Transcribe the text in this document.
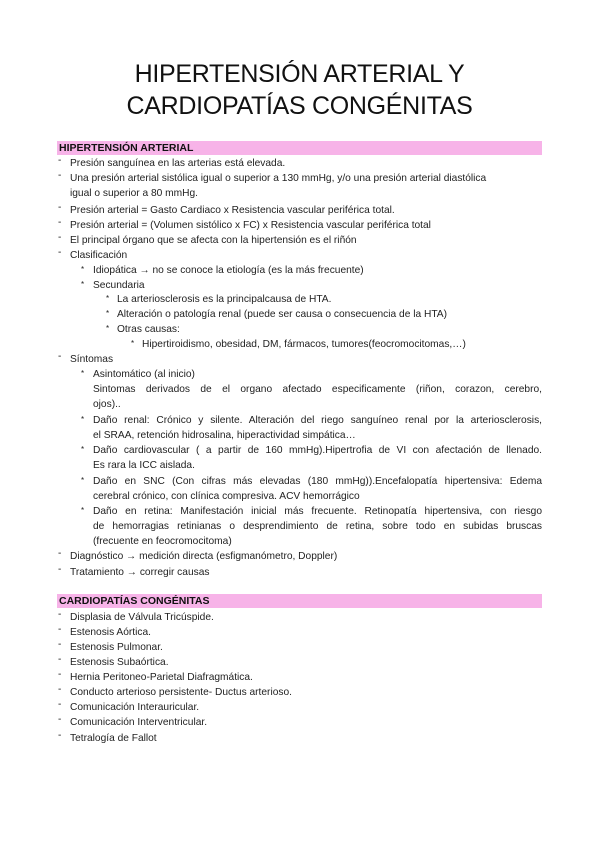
HIPERTENSIÓN ARTERIAL Y
CARDIOPATÍAS CONGÉNITAS
HIPERTENSIÓN ARTERIAL
- Presión sanguínea en las arterias está elevada.
- Una presión arterial sistólica igual o superior a 130 mmHg, y/o una presión arterial diastólica
igual o superior a 80 mmHg.
- Presión arterial = Gasto Cardiaco x Resistencia vascular periférica total.
- Presión arterial = (Volumen sistólico x FC) x Resistencia vascular periférica total
- El principal órgano que se afecta con la hipertensión es el riñón
- Clasificación
* Idiopática → no se conoce la etiología (es la más frecuente)
* Secundaria
* La arteriosclerosis es la principalcausa de HTA.
* Alteración o patología renal (puede ser causa o consecuencia de la HTA)
* Otras causas:
* Hipertiroidismo, obesidad, DM, fármacos, tumores(feocromocitomas,…)
- Síntomas
* Asintomático (al inicio)
Sintomas derivados de el organo afectado especificamente (riñon, corazon, cerebro,
ojos)..
* Daño renal: Crónico y silente. Alteración del riego sanguíneo renal por la arteriosclerosis,
el SRAA, retención hidrosalina, hiperactividad simpática…
* Daño cardiovascular ( a partir de 160 mmHg).Hipertrofia de VI con afectación de llenado.
Es rara la ICC aislada.
* Daño en SNC (Con cifras más elevadas (180 mmHg)).Encefalopatía hipertensiva: Edema
cerebral crónico, con clínica compresiva. ACV hemorrágico
* Daño en retina: Manifestación inicial más frecuente. Retinopatía hipertensiva, con riesgo
de hemorragias retinianas o desprendimiento de retina, sobre todo en subidas bruscas
(frecuente en feocromocitoma)
- Diagnóstico → medición directa (esfigmanómetro, Doppler)
- Tratamiento → corregir causas
CARDIOPATÍAS CONGÉNITAS
- Displasia de Válvula Tricúspide.
- Estenosis Aórtica.
- Estenosis Pulmonar.
- Estenosis Subaórtica.
- Hernia Peritoneo-Parietal Diafragmática.
- Conducto arterioso persistente- Ductus arterioso.
- Comunicación Interauricular.
- Comunicación Interventricular.
- Tetralogía de Fallot
